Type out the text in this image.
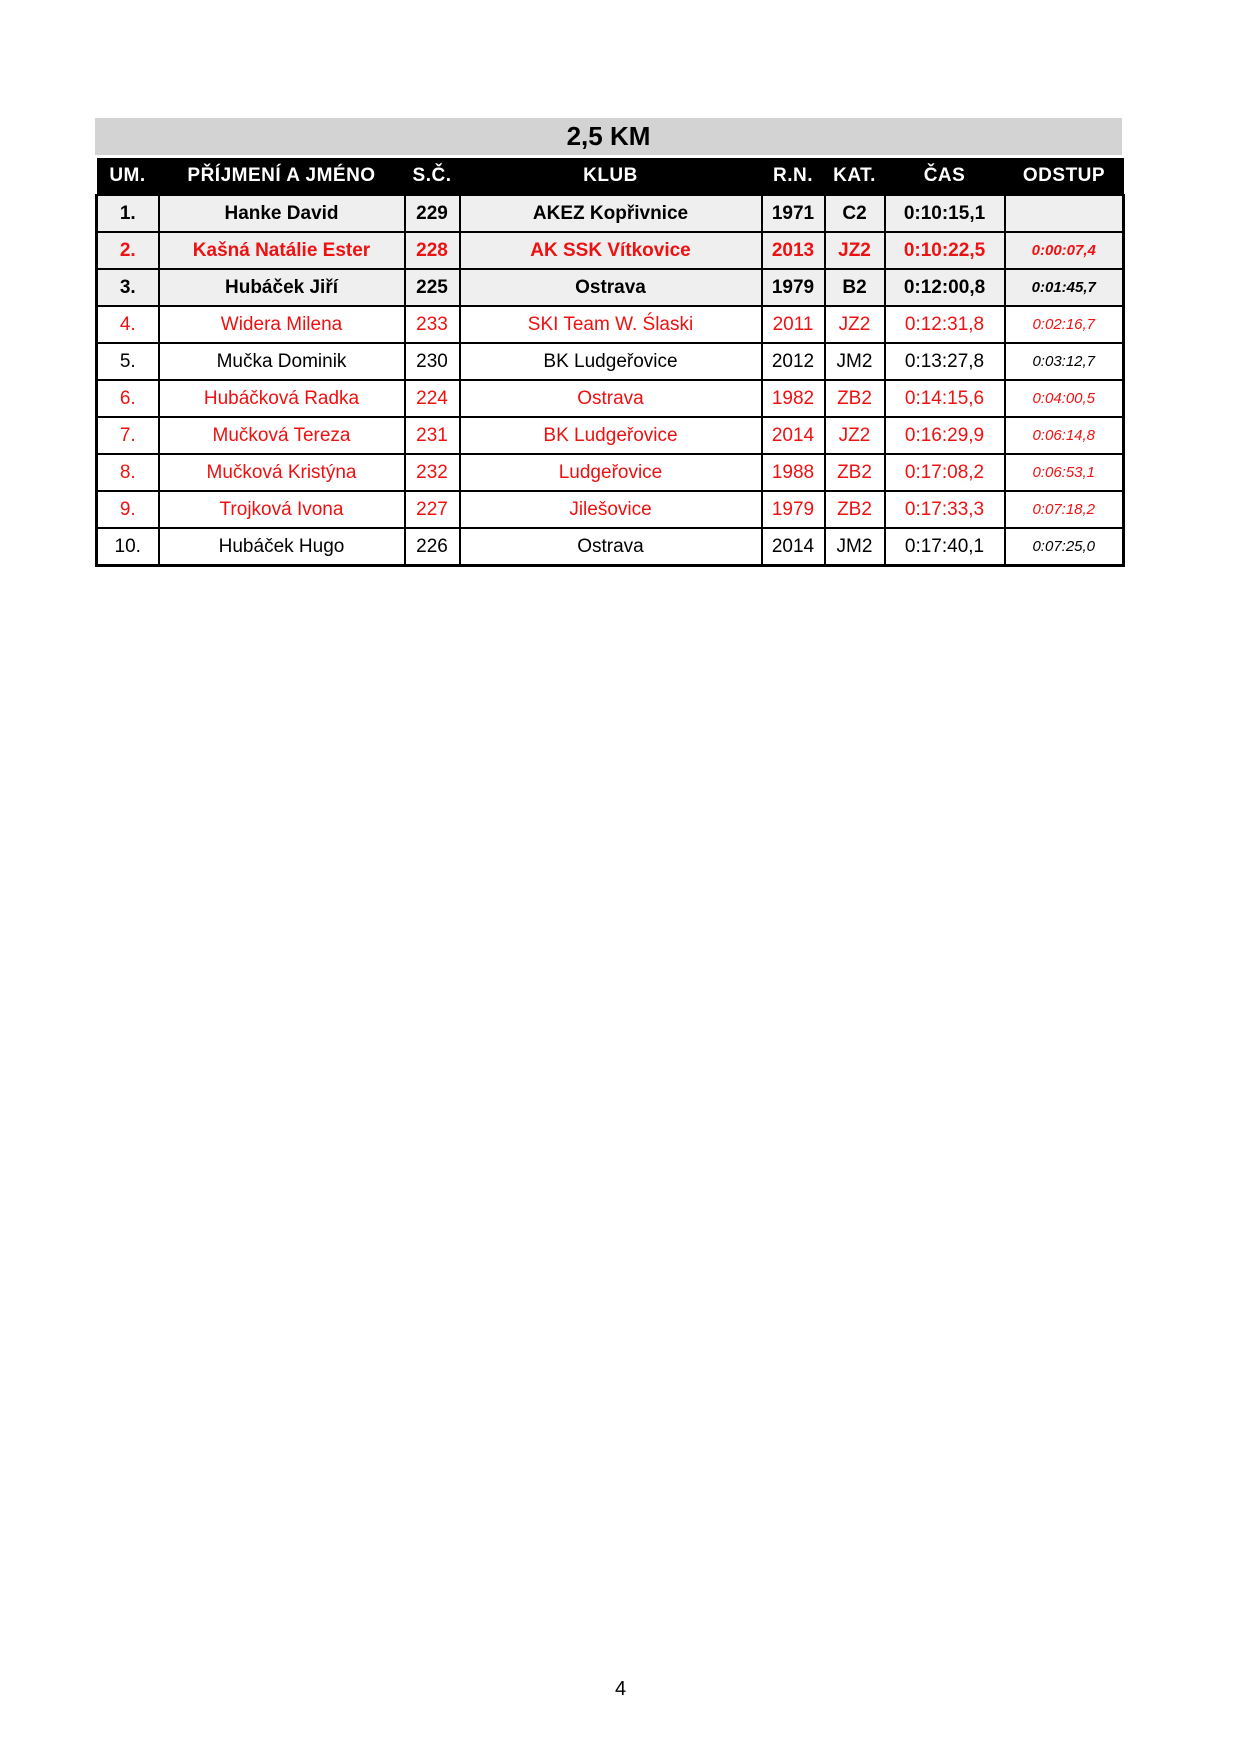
2,5 KM
UM.	PŘÍJMENÍ A JMÉNO	S.Č.	KLUB	R.N.	KAT.	ČAS	ODSTUP
1.	Hanke David	229	AKEZ Kopřivnice	1971	C2	0:10:15,1	
2.	Kašná Natálie Ester	228	AK SSK Vítkovice	2013	JZ2	0:10:22,5	0:00:07,4
3.	Hubáček Jiří	225	Ostrava	1979	B2	0:12:00,8	0:01:45,7
4.	Widera Milena	233	SKI Team W. Ślaski	2011	JZ2	0:12:31,8	0:02:16,7
5.	Mučka Dominik	230	BK Ludgeřovice	2012	JM2	0:13:27,8	0:03:12,7
6.	Hubáčková Radka	224	Ostrava	1982	ZB2	0:14:15,6	0:04:00,5
7.	Mučková Tereza	231	BK Ludgeřovice	2014	JZ2	0:16:29,9	0:06:14,8
8.	Mučková Kristýna	232	Ludgeřovice	1988	ZB2	0:17:08,2	0:06:53,1
9.	Trojková Ivona	227	Jilešovice	1979	ZB2	0:17:33,3	0:07:18,2
10.	Hubáček Hugo	226	Ostrava	2014	JM2	0:17:40,1	0:07:25,0
4
